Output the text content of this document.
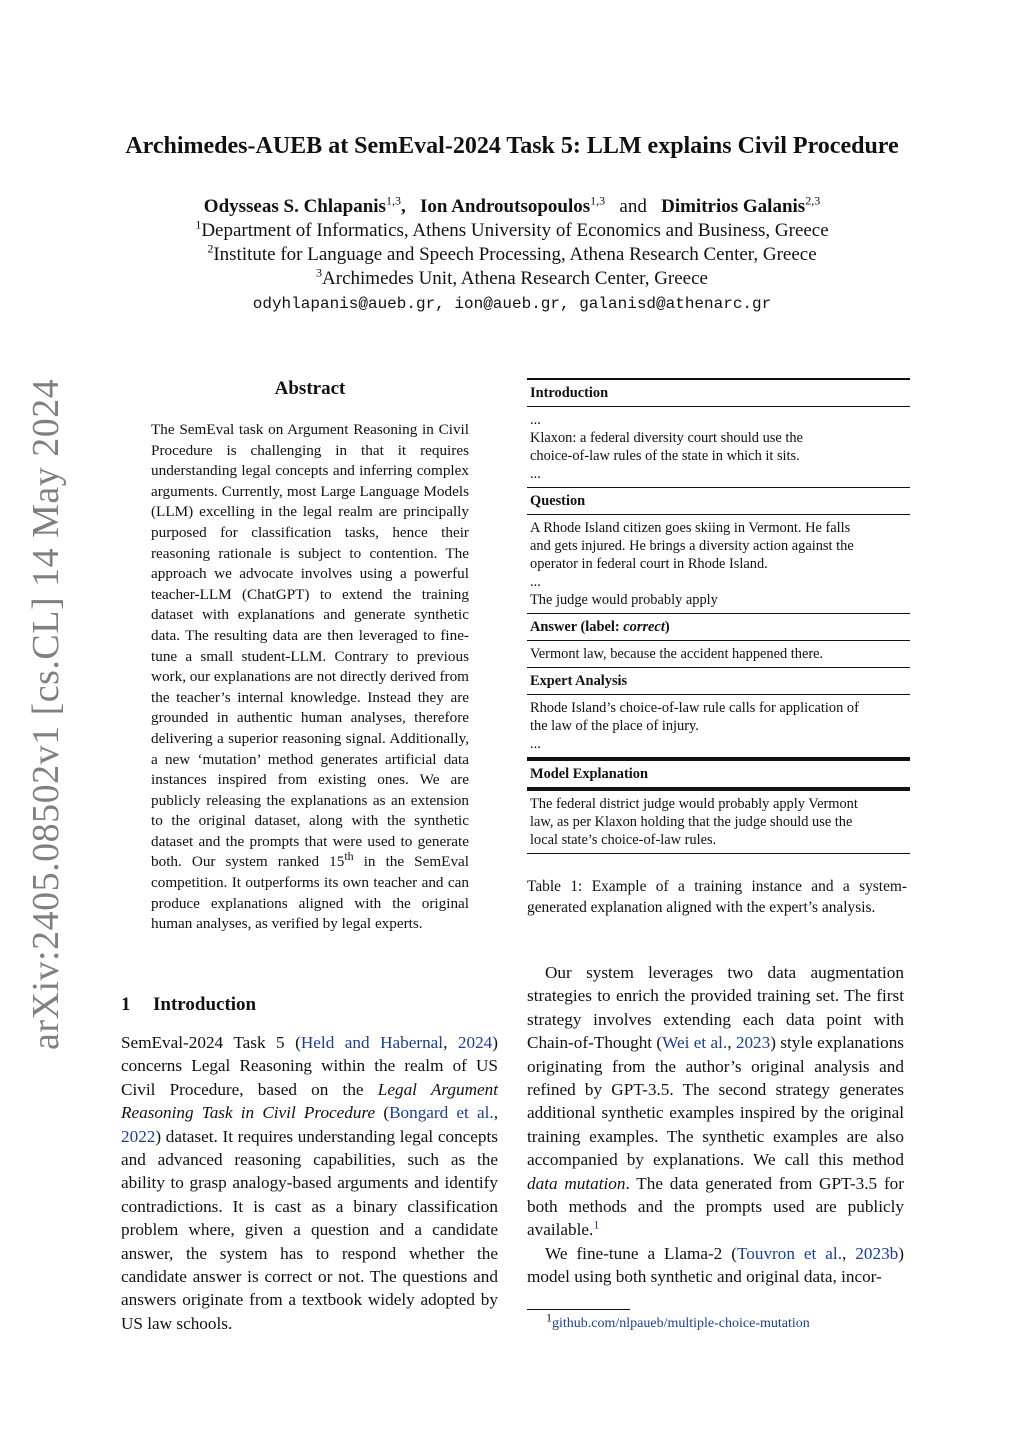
arXiv:2405.08502v1 [cs.CL] 14 May 2024
Archimedes-AUEB at SemEval-2024 Task 5: LLM explains Civil Procedure
Odysseas S. Chlapanis$^{1,3}$, Ion Androutsopoulos$^{1,3}$ and Dimitrios Galanis$^{2,3}$
$^1$Department of Informatics, Athens University of Economics and Business, Greece
$^2$Institute for Language and Speech Processing, Athena Research Center, Greece
$^3$Archimedes Unit, Athena Research Center, Greece
odyhlapanis@aueb.gr, ion@aueb.gr, galanisd@athenarc.gr
Abstract
The SemEval task on Argument Reasoning in Civil Procedure is challenging in that it requires understanding legal concepts and inferring complex arguments. Currently, most Large Language Models (LLM) excelling in the legal realm are principally purposed for classification tasks, hence their reasoning rationale is subject to contention. The approach we advocate involves using a powerful teacher-LLM (ChatGPT) to extend the training dataset with explanations and generate synthetic data. The resulting data are then leveraged to fine-tune a small student-LLM. Contrary to previous work, our explanations are not directly derived from the teacher’s internal knowledge. Instead they are grounded in authentic human analyses, therefore delivering a superior reasoning signal. Additionally, a new ‘mutation’ method generates artificial data instances inspired from existing ones. We are publicly releasing the explanations as an extension to the original dataset, along with the synthetic dataset and the prompts that were used to generate both. Our system ranked 15th in the SemEval competition. It outperforms its own teacher and can produce explanations aligned with the original human analyses, as verified by legal experts.
1 Introduction
SemEval-2024 Task 5 (Held and Habernal, 2024) concerns Legal Reasoning within the realm of US Civil Procedure, based on the Legal Argument Reasoning Task in Civil Procedure (Bongard et al., 2022) dataset. It requires understanding legal concepts and advanced reasoning capabilities, such as the ability to grasp analogy-based arguments and identify contradictions. It is cast as a binary classification problem where, given a question and a candidate answer, the system has to respond whether the candidate answer is correct or not. The questions and answers originate from a textbook widely adopted by US law schools.
Introduction
...
Klaxon: a federal diversity court should use the
choice-of-law rules of the state in which it sits.
...
Question
A Rhode Island citizen goes skiing in Vermont. He falls
and gets injured. He brings a diversity action against the
operator in federal court in Rhode Island.
...
The judge would probably apply
Answer (label: correct)
Vermont law, because the accident happened there.
Expert Analysis
Rhode Island’s choice-of-law rule calls for application of
the law of the place of injury.
...
Model Explanation
The federal district judge would probably apply Vermont
law, as per Klaxon holding that the judge should use the
local state’s choice-of-law rules.
Table 1: Example of a training instance and a system-generated explanation aligned with the expert’s analysis.

Our system leverages two data augmentation strategies to enrich the provided training set. The first strategy involves extending each data point with Chain-of-Thought (Wei et al., 2023) style explanations originating from the author’s original analysis and refined by GPT-3.5. The second strategy generates additional synthetic examples inspired by the original training examples. The synthetic examples are also accompanied by explanations. We call this method data mutation. The data generated from GPT-3.5 for both methods and the prompts used are publicly available.$^1$

We fine-tune a Llama-2 (Touvron et al., 2023b) model using both synthetic and original data, incor-

$^1$github.com/nlpaueb/multiple-choice-mutation
